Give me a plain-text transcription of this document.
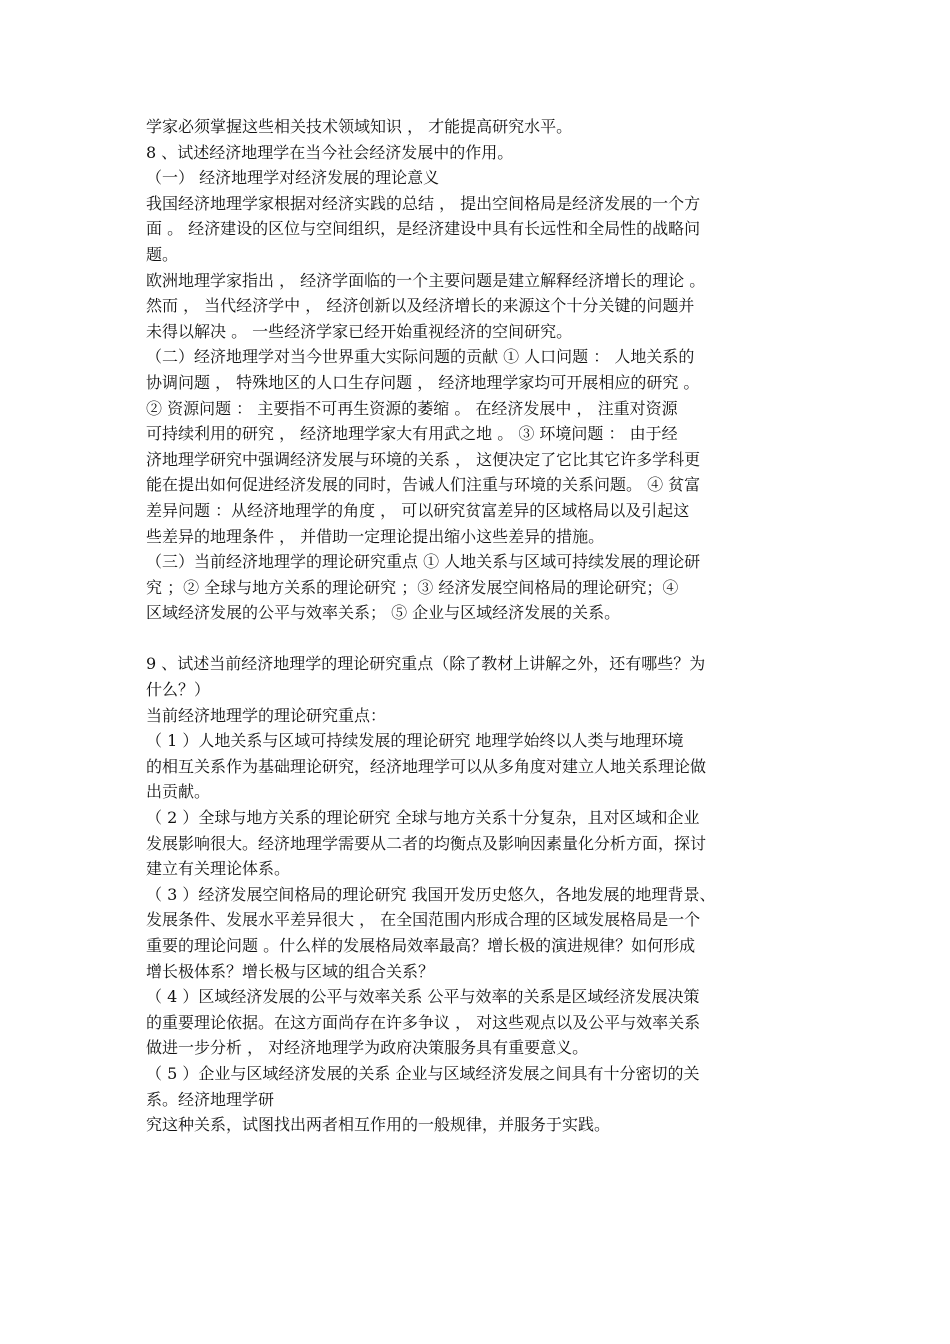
学家必须掌握这些相关技术领域知识 ， 才能提高研究水平。
8 、试述经济地理学在当今社会经济发展中的作用。
（一） 经济地理学对经济发展的理论意义
我国经济地理学家根据对经济实践的总结 ， 提出空间格局是经济发展的一个方
面 。 经济建设的区位与空间组织，是经济建设中具有长远性和全局性的战略问
题。
欧洲地理学家指出 ， 经济学面临的一个主要问题是建立解释经济增长的理论 。
然而 ， 当代经济学中 ， 经济创新以及经济增长的来源这个十分关键的问题并
未得以解决 。 一些经济学家已经开始重视经济的空间研究。
（二）经济地理学对当今世界重大实际问题的贡献 ① 人口问题 ： 人地关系的
协调问题 ， 特殊地区的人口生存问题 ， 经济地理学家均可开展相应的研究 。
② 资源问题 ： 主要指不可再生资源的萎缩 。 在经济发展中 ， 注重对资源
可持续利用的研究 ， 经济地理学家大有用武之地 。 ③ 环境问题 ： 由于经
济地理学研究中强调经济发展与环境的关系 ， 这便决定了它比其它许多学科更
能在提出如何促进经济发展的同时，告诫人们注重与环境的关系问题。 ④ 贫富
差异问题 ：从经济地理学的角度 ， 可以研究贫富差异的区域格局以及引起这
些差异的地理条件 ， 并借助一定理论提出缩小这些差异的措施。
（三）当前经济地理学的理论研究重点 ① 人地关系与区域可持续发展的理论研
究 ；② 全球与地方关系的理论研究 ；③ 经济发展空间格局的理论研究；④
区域经济发展的公平与效率关系； ⑤ 企业与区域经济发展的关系。
9 、试述当前经济地理学的理论研究重点（除了教材上讲解之外，还有哪些？为
什么？）
当前经济地理学的理论研究重点：
（ 1 ）人地关系与区域可持续发展的理论研究 地理学始终以人类与地理环境
的相互关系作为基础理论研究，经济地理学可以从多角度对建立人地关系理论做
出贡献。
（ 2 ）全球与地方关系的理论研究 全球与地方关系十分复杂，且对区域和企业
发展影响很大。经济地理学需要从二者的均衡点及影响因素量化分析方面，探讨
建立有关理论体系。
（ 3 ）经济发展空间格局的理论研究 我国开发历史悠久，各地发展的地理背景、
发展条件、发展水平差异很大 ， 在全国范围内形成合理的区域发展格局是一个
重要的理论问题 。什么样的发展格局效率最高？增长极的演进规律？如何形成
增长极体系？增长极与区域的组合关系？
（ 4 ）区域经济发展的公平与效率关系 公平与效率的关系是区域经济发展决策
的重要理论依据。在这方面尚存在许多争议 ， 对这些观点以及公平与效率关系
做进一步分析 ， 对经济地理学为政府决策服务具有重要意义。
（ 5 ）企业与区域经济发展的关系 企业与区域经济发展之间具有十分密切的关
系。经济地理学研
究这种关系，试图找出两者相互作用的一般规律，并服务于实践。
